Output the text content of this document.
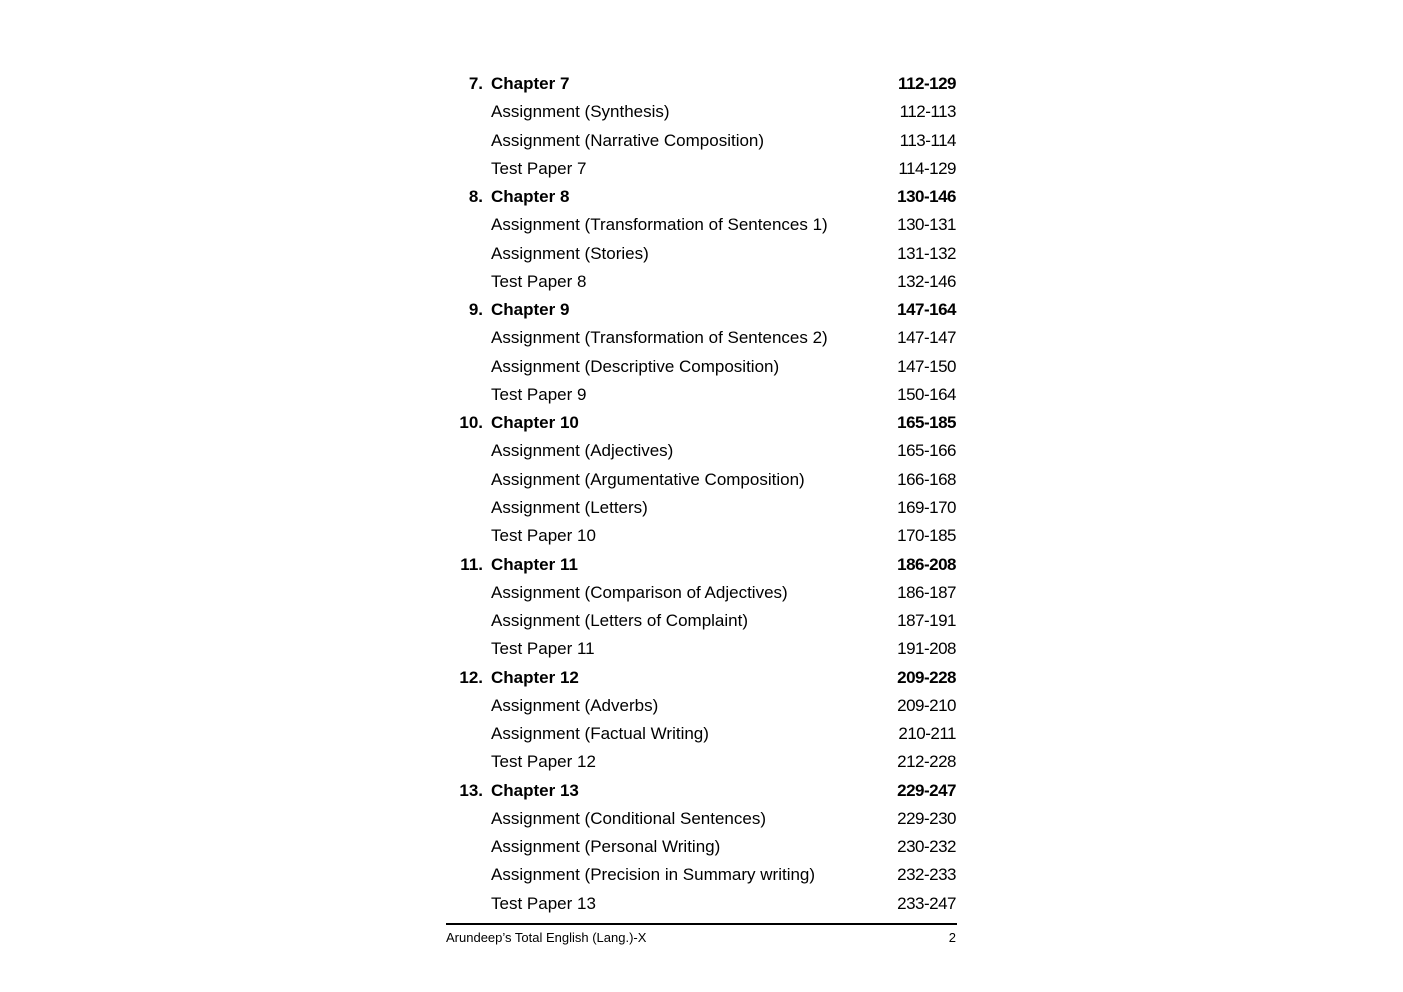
7. Chapter 7	112-129
Assignment (Synthesis)	112-113
Assignment (Narrative Composition)	113-114
Test Paper 7	114-129
8. Chapter 8	130-146
Assignment (Transformation of Sentences 1)	130-131
Assignment (Stories)	131-132
Test Paper 8	132-146
9. Chapter 9	147-164
Assignment (Transformation of Sentences 2)	147-147
Assignment (Descriptive Composition)	147-150
Test Paper 9	150-164
10. Chapter 10	165-185
Assignment (Adjectives)	165-166
Assignment (Argumentative Composition)	166-168
Assignment (Letters)	169-170
Test Paper 10	170-185
11. Chapter 11	186-208
Assignment (Comparison of Adjectives)	186-187
Assignment (Letters of Complaint)	187-191
Test Paper 11	191-208
12. Chapter 12	209-228
Assignment (Adverbs)	209-210
Assignment (Factual Writing)	210-211
Test Paper 12	212-228
13. Chapter 13	229-247
Assignment (Conditional Sentences)	229-230
Assignment (Personal Writing)	230-232
Assignment (Precision in Summary writing)	232-233
Test Paper 13	233-247
Arundeep’s Total English (Lang.)-X	2
